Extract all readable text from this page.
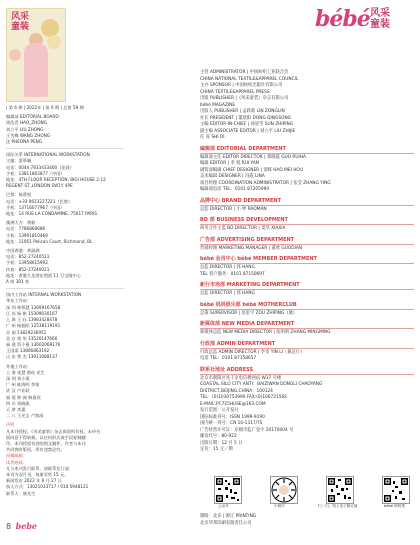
风采
童装

| 第 6 期 | 2022年 | 第 6 期 | 总第 59 期

编辑部 EDITORIAL BOARD:

周浩青 HAO_ZHONG

刘立平 LIU ZHONG

王雪梅 WANG ZHONG

沈 PHEONA PENG

国际关系 INTERNATIONAL WORKSTATION

主编：蒙慕娴

电话：0044 7833433400（伦敦）

手机：13811802877（中国）

地址：4TH FLOOR RECEPTION, BIGI HOUSE 2-12

REGENT ST.,LONDON SW1Y 4PE

巴黎：杨慕悦

电话：+33 0613227221（巴黎）

手机：13716077967（中国）

地址：14 RUE LA CONDAMINE, 75017 PARIS

澳洲大方：黄毅

电话：7786868686

手机：13991810469

地址：11951 Pelican Court, Richmond, BL

中国香港：黄淑满

电话：852-27240511

手机：13958615992

传真：852-27240021

地址：香港九龙湾宏照道 11 号宝隆中心

A 座 301 室

国内工作站 INTERNAL WORKSTATION

华东工作站：

深 圳 林慕慧 13699167658

江 苏 杨 彬 15309030167

上 海 王 珏 13983428478

广 州 杨振阳 12518119191

吴 丽 13829236951

北 京 黄 华 13520147666

福 建 蔡小曼 13602069176

王国梁 13806863192

山 东 曾 杰 13911088137

外地工作站：

上 海 张慧 俞连 花生

深 圳 刘小燕

广 州 陈海明 李银

武 汉 卢亚联

福 建 钟 洲 韩嘉欣

四 川 刘晓燕

天 津 李惠

二 八 王光宝 卢海深

声明

凡本刊授权，《风采童装》杂志保留所有权，未经书

面同意不得转载，以任何形式或手段复制翻

印，本刊授权刊登的图文稿件，作者与本刊

共同拥有版权，所有违禁必究。

投稿邮箱：

读者热线：

凡与本刊发行联系，请联系发行部：

本刊为双月刊，每册零售 15 元。

新闻发布 2022 年 6 月 27 日

加入方式：13021033717 / 010 5948121

联系人：康先生

8 bebe
bébé 风采
童装

主管 ADMINISTRATOR | 中国纺织工业联合会

CHINA NATIONAL TEXTILE&APPAREL COUNCIL

主办 SPONSOR | 中国纺织出版社有限公司

CHINA TEXTILE&APPAREL PRESS

出版 PUBLISHER |《风采童装》杂志有限公司

bébé MAGAZINE

出版人 PUBLISHER | 孟跃新 LIN ZONGLIN

社长 PRESIDENT | 董晨阳 DONG QINGSONG

主编 EDITOR-IN-CHIEF | 孙迎雪 SUN ZHIPING

副主编 ASSOCIATE EDITOR | 刘立平 LIU ZHIJIE

任 涛 SHI DI

编辑部 EDITORIAL DEPARTMENT

编辑部主任 EDITOR DIRECTOR | 郭晓霞 GUO RUIHA

编辑 EDITOR | 李 旭 RUI YAN

副资深编辑 CHIEF DESIGNER | 梁晖 HAO MEI HOU

美术编辑 DESIGNER | 冯霞 LINA

项目经理 COORDINATION ADMINISTRATOR | 张莹 ZHANG YING

编辑部电话 TEL：0101 87205990

品牌中心 BRAND DEPARTMENT

总监 DIRECTOR | 小 婷 RAOMAN

BD 部 BUSINESS DEVELOPMENT

商务合作主监 BD DIRECTOR | 夏华 XIAXIA

广告部 ADVERTISING DEPARTMENT

营销经理 MARKETING MANAGER | 董欣 GUODIAN

bébé 会员中心 bébé MEMBER DEPARTMENT

总监 DIRECTOR | 郭 HANG

TEL 客户服务：0101 87150697

新行市场部 MARKETING DEPARTMENT

总监 DIRECTOR | 郭 HANG

bébé 妈妈俱乐部 bébé MOTHERCLUB

总策 SUPERVISOR | 显思宇 ZOU ZHIPING（微）

新媒体部 NEW MEDIA DEPARTMENT

新媒体总监 NEW MEDIA DIRECTOR | 张明明 ZHANG MINGMING

行政部 ADMIN DEPARTMENT

行政总监 ADMIN DIRECTOR | 李雯 YIN LI（兼总行）

电话 TEL：0101 87158657

联系社地址 ADDRESS

北京市朝阳区亮干京电信楼西宿 W17 号楼

COASTAL SILO CITY ANTI：BAIZIWAN DONGLI CHAOYANG

DISTRICT,BEIJING,CHINA：100124

TEL：(0)1030753990 FAX:(0)10672156S

E-MAIL:PC725HUSE@163.COM

发行范围：公开发行

国际标准刊号：ISSN 1999-9190

国内统一刊号：CN 10-1317/TS

广告经营许可证：京朝市监广登字 20170004 号

邮发代号：80-922

出版日期：12 月 5 日

定价：15 元／期

公众号	小程序	扫一扫，线上电子版订阅	bébé 妈妈帮

制版：北京 | 源订 PRINTING

北京华邦印刷有限责任公司
